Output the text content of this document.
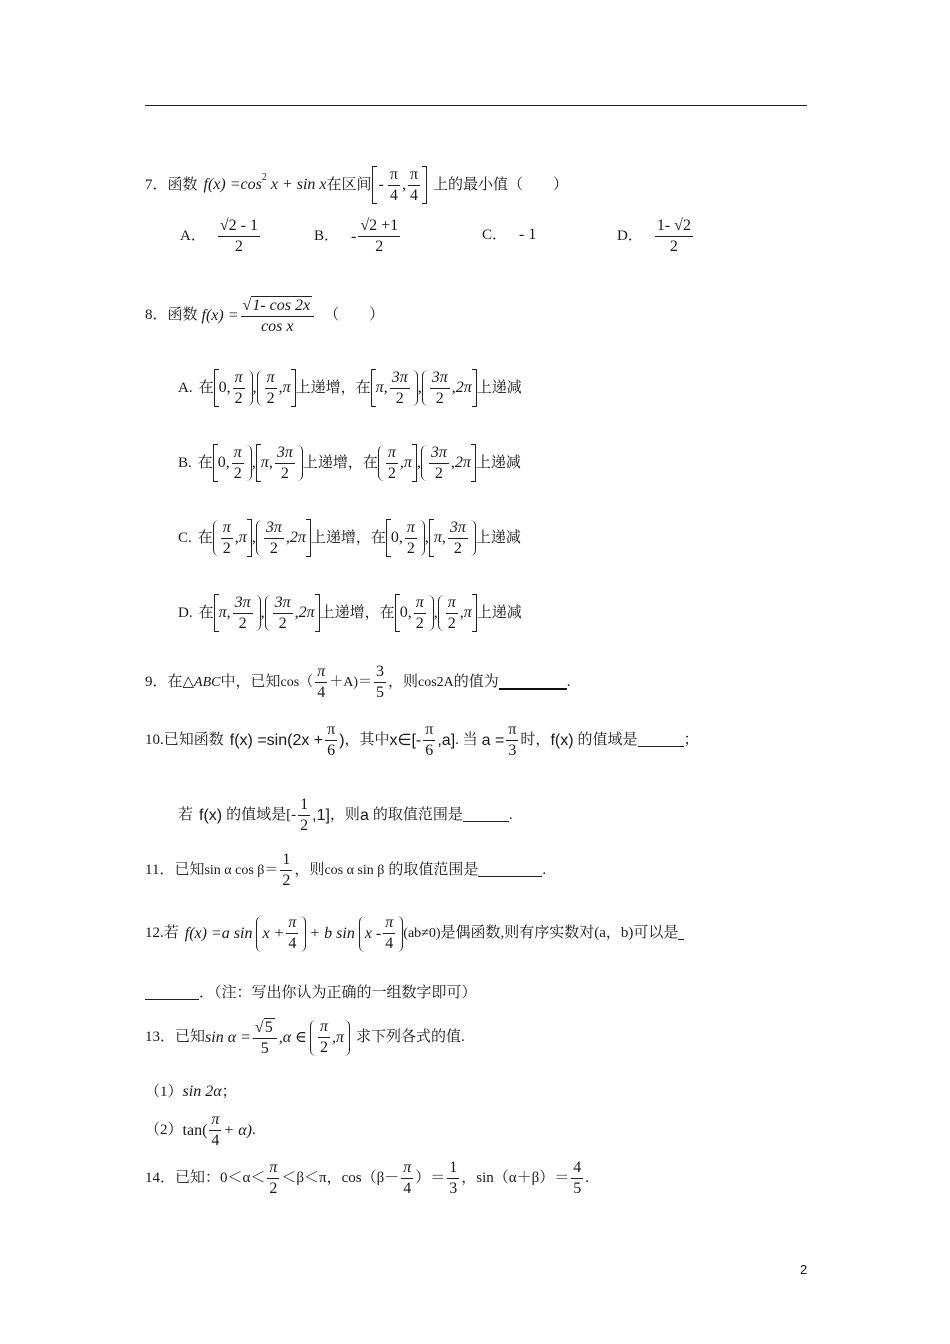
7． 函数 f(x) =cos 2 x + sin x 在区间 - $\frac{\pi}{4}$ , $\frac{\pi}{4}$ 上的最小值（　　）
A． $\frac{√2 - 1}{2}$	B． - $\frac{√2 +1}{2}$	C． - 1	D． $\frac{1- √2}{2}$
8． 函数 $f(x) = \frac{√ 1- \cos 2x}{\text{cos x}}$ （　　）
A. 在 0 , $\frac{\pi}{2}$ , $\frac{\pi}{2}$ , π 上递增，在 π , $\frac{3\pi}{2}$ , $\frac{3\pi}{2}$ , 2π 上递减
B. 在 0 , $\frac{\pi}{2}$ , π , $\frac{3\pi}{2}$ 上递增，在 $\frac{\pi}{2}$ , π , $\frac{3\pi}{2}$ , 2π 上递减
C. 在 $\frac{\pi}{2}$ , π , $\frac{3\pi}{2}$ , 2π 上递增，在 0 , $\frac{\pi}{2}$ , π , $\frac{3\pi}{2}$ 上递减
D. 在 π , $\frac{3\pi}{2}$ , $\frac{3\pi}{2}$ , 2π 上递增，在 0 , $\frac{\pi}{2}$ , $\frac{\pi}{2}$ , π 上递减
9．在△ ABC 中，已知 $\cos( \frac{\pi}{4} +A)= \frac{3}{5}$ ，则 cos2A 的值为	.
10. 已知函数 $f(x) =\sin(2x + \frac{\pi}{6}$ ) ，其中 x∈[- $\frac{\pi}{6} ,a$] . 当 $a = \frac{\pi}{3}$ 时， f(x) 的值域是	；
若 f(x) 的值域是[- $\frac{1}{2} ,1$] ，则 a 的取值范围是	.
11．已知 sin α $\cos \beta= \frac{1}{2}$ ，则 cos α sin β 的取值范围是	.
12. 若 f(x) =a $\sin x + \frac{\pi}{4} + b$ $\sin x - \frac{\pi}{4} (ab\ne 0)$ 是偶函数,则有序实数对(a，b)可以是
．（注：写出你认为正确的一组数字即可）
13． 已知 $\sin \alpha = \frac{√ 5}{5} ,\alpha$ ∈ $\frac{\pi}{2} ,\pi$ 求下列各式的值.
（1） sin 2α ；
（2） $\tan( \frac{\pi}{4} + \alpha)$ .
14．已知：$0<\alpha< \frac{\pi}{2} <\beta<\pi$，$\cos(\beta- \frac{\pi}{4}$ ）＝ $\frac{1}{3}$ ，$\sin(\alpha+\beta)= \frac{4}{5}$ .
2
